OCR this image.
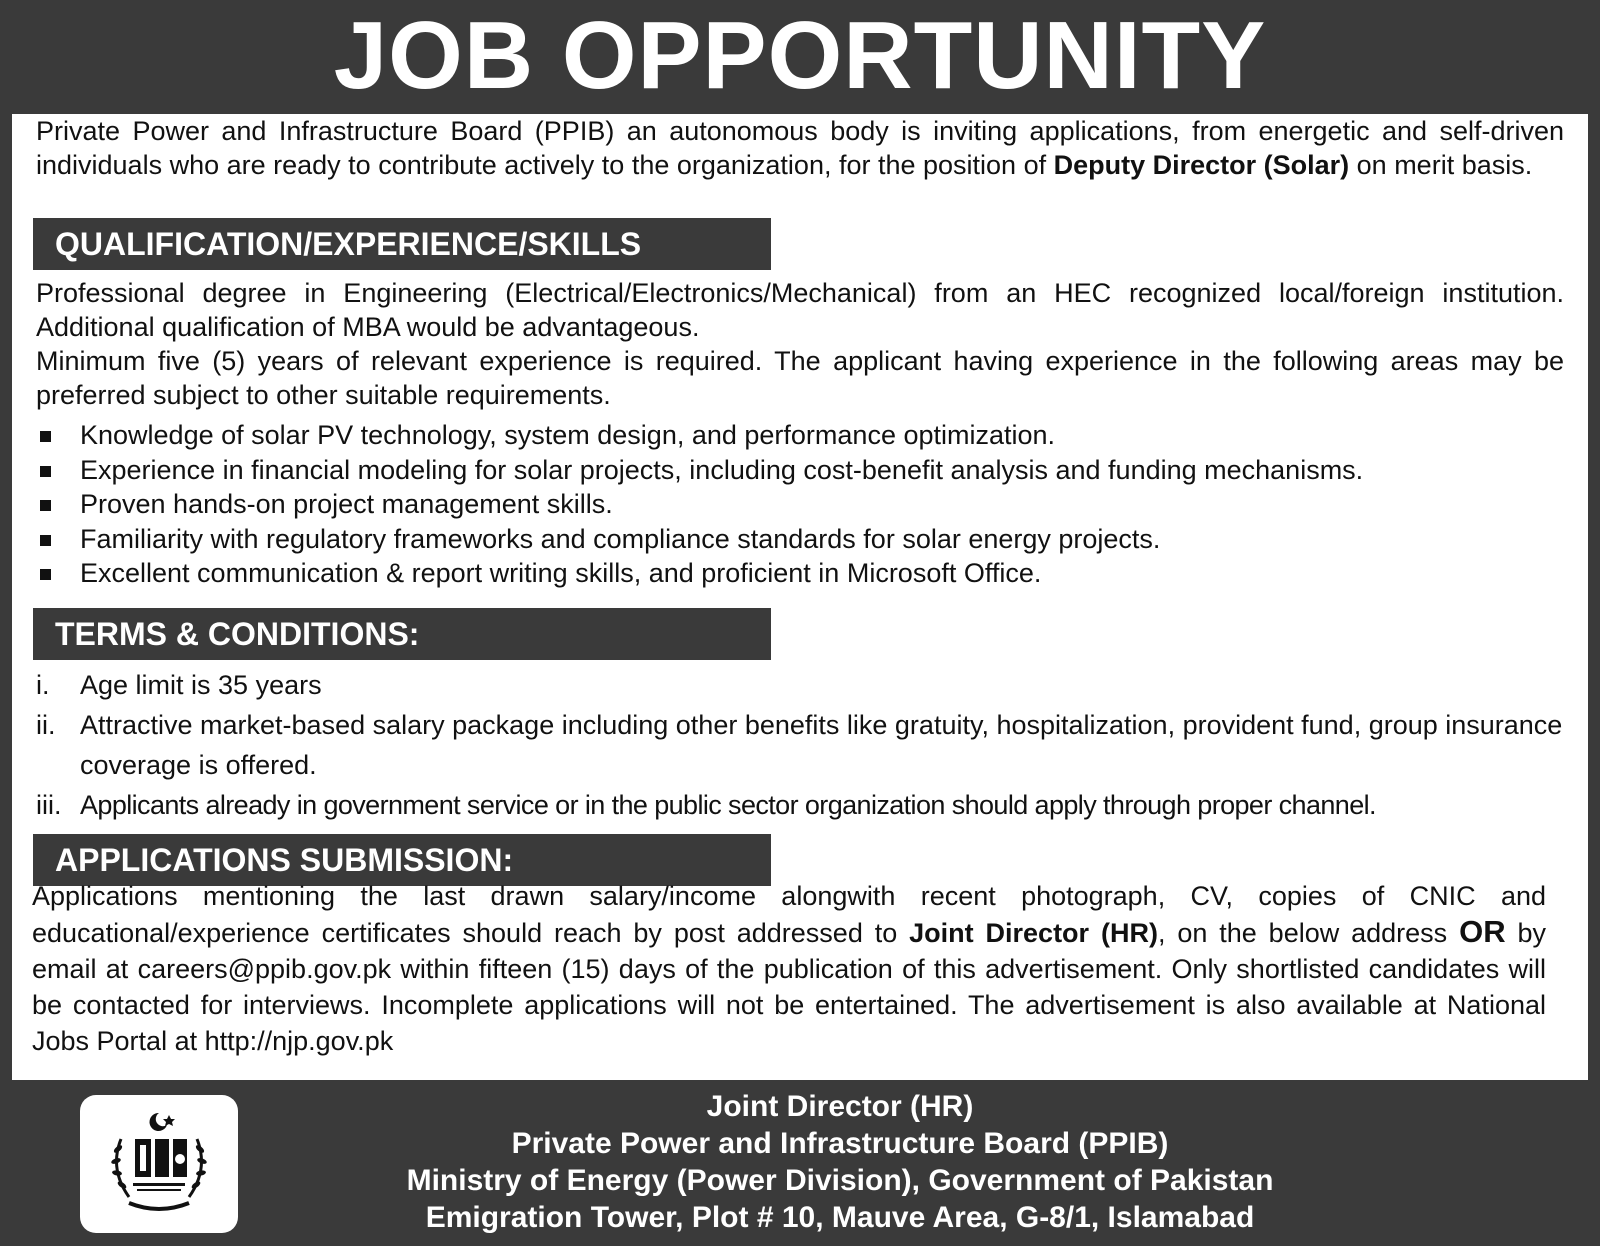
JOB OPPORTUNITY

Private Power and Infrastructure Board (PPIB) an autonomous body is inviting applications, from energetic and self-driven individuals who are ready to contribute actively to the organization, for the position of Deputy Director (Solar) on merit basis.

QUALIFICATION/EXPERIENCE/SKILLS

Professional degree in Engineering (Electrical/Electronics/Mechanical) from an HEC recognized local/foreign institution. Additional qualification of MBA would be advantageous.

Minimum five (5) years of relevant experience is required. The applicant having experience in the following areas may be preferred subject to other suitable requirements.

Knowledge of solar PV technology, system design, and performance optimization.
Experience in financial modeling for solar projects, including cost-benefit analysis and funding mechanisms.
Proven hands-on project management skills.
Familiarity with regulatory frameworks and compliance standards for solar energy projects.
Excellent communication & report writing skills, and proficient in Microsoft Office.
TERMS & CONDITIONS:
i. Age limit is 35 years
ii. Attractive market-based salary package including other benefits like gratuity, hospitalization, provident fund, group insurance coverage is offered.
iii. Applicants already in government service or in the public sector organization should apply through proper channel.
APPLICATIONS SUBMISSION:

Applications mentioning the last drawn salary/income alongwith recent photograph, CV, copies of CNIC and educational/experience certificates should reach by post addressed to Joint Director (HR), on the below address OR by email at careers@ppib.gov.pk within fifteen (15) days of the publication of this advertisement. Only shortlisted candidates will be contacted for interviews. Incomplete applications will not be entertained. The advertisement is also available at National Jobs Portal at http://njp.gov.pk

Joint Director (HR)
Private Power and Infrastructure Board (PPIB)
Ministry of Energy (Power Division), Government of Pakistan
Emigration Tower, Plot # 10, Mauve Area, G-8/1, Islamabad
